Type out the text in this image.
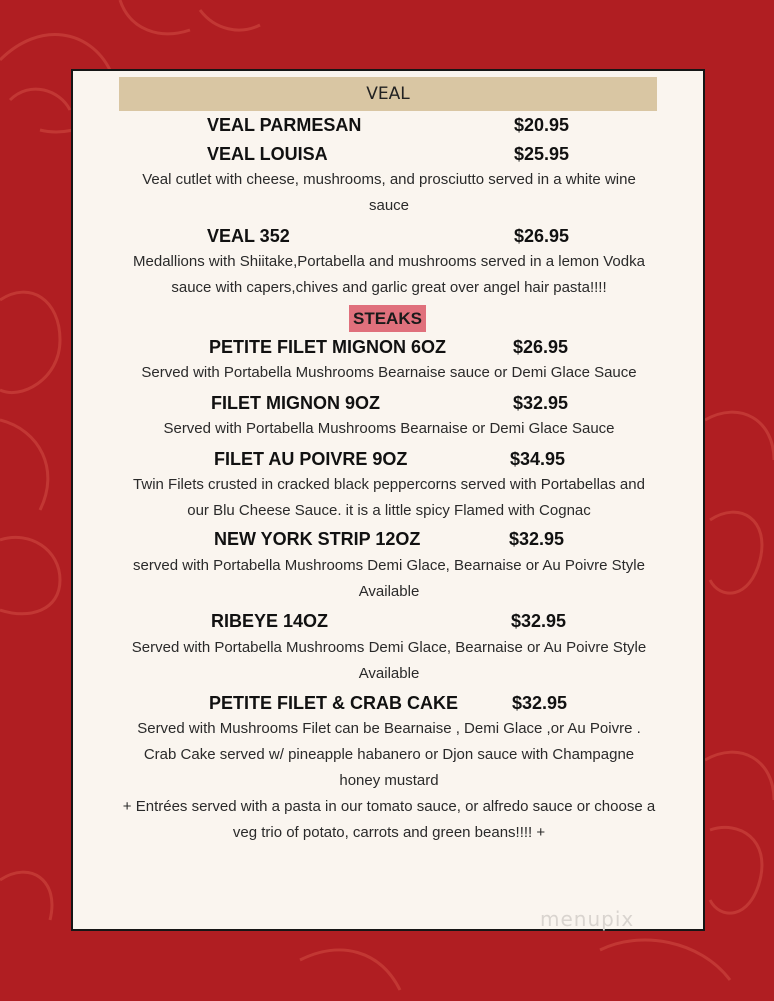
VEAL
VEAL PARMESAN	$20.95
VEAL LOUISA	$25.95
Veal cutlet with cheese, mushrooms, and prosciutto served in a white wine
sauce
VEAL 352	$26.95
Medallions with Shiitake,Portabella and mushrooms served in a lemon Vodka
sauce with capers,chives and garlic great over angel hair pasta!!!!
STEAKS
PETITE FILET MIGNON 6OZ	$26.95
Served with Portabella Mushrooms Bearnaise sauce or Demi Glace Sauce
FILET MIGNON 9OZ	$32.95
Served with Portabella Mushrooms Bearnaise or Demi Glace Sauce
FILET AU POIVRE 9OZ	$34.95
Twin Filets crusted in cracked black peppercorns served with Portabellas and
our Blu Cheese Sauce. it is a little spicy Flamed with Cognac
NEW YORK STRIP 12OZ	$32.95
served with Portabella Mushrooms Demi Glace, Bearnaise or Au Poivre Style
Available
RIBEYE 14OZ	$32.95
Served with Portabella Mushrooms Demi Glace, Bearnaise or Au Poivre Style
Available
PETITE FILET & CRAB CAKE	$32.95
Served with Mushrooms Filet can be Bearnaise , Demi Glace ,or Au Poivre .
Crab Cake served w/ pineapple habanero or Djon sauce with Champagne
honey mustard
+ Entrées served with a pasta in our tomato sauce, or alfredo sauce or choose a
veg trio of potato, carrots and green beans!!!! +
menupix
